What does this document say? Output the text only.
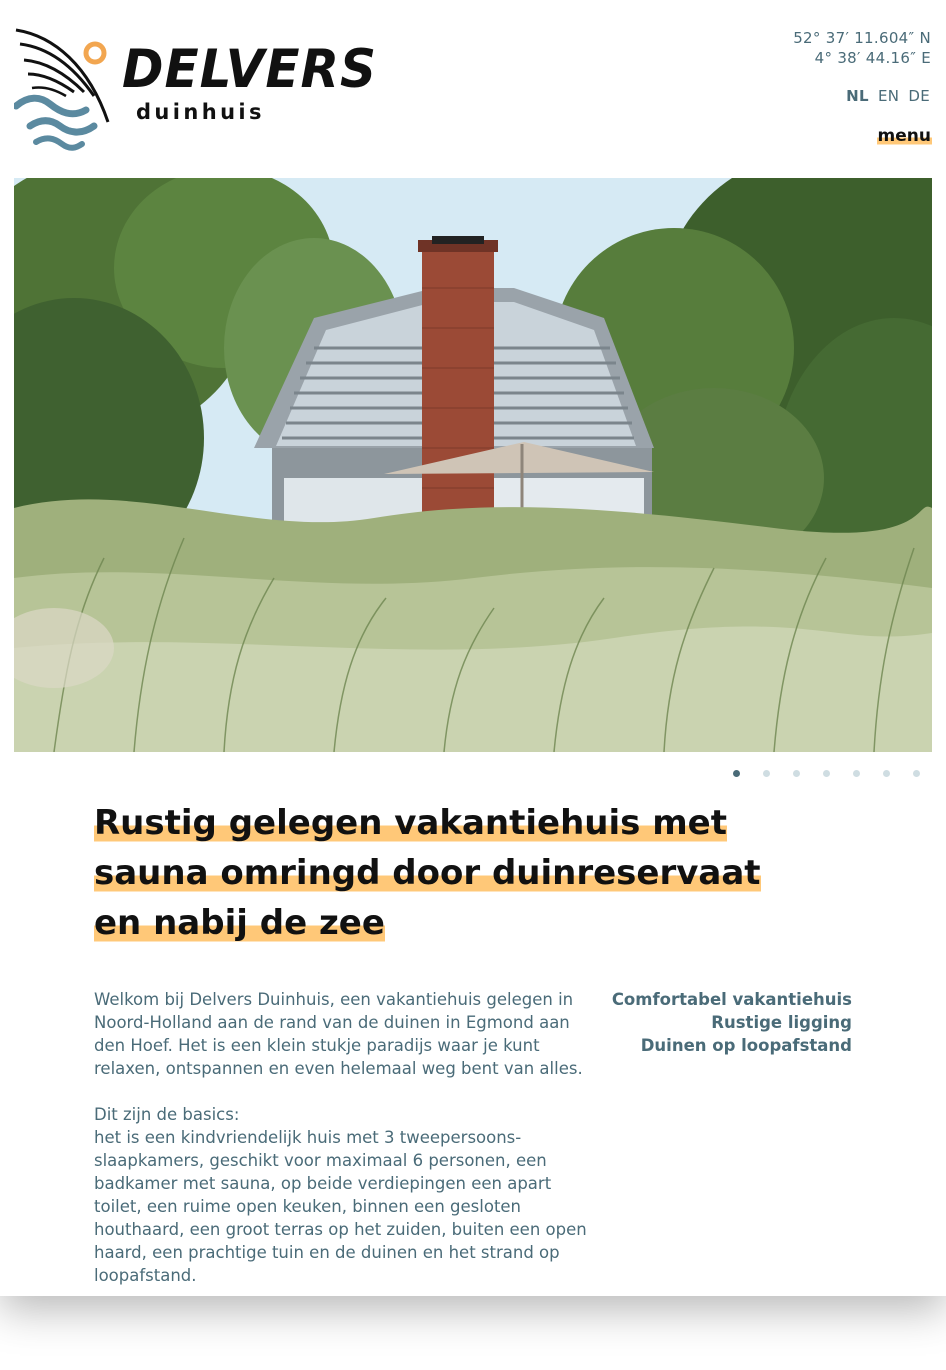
DELVERS
duinhuis
52° 37′ 11.604″ N
4° 38′ 44.16″ E
NL EN DE
menu
Rustig gelegen vakantiehuis met sauna omringd door duinreservaat en nabij de zee

Welkom bij Delvers Duinhuis, een vakantiehuis gelegen in Noord-Holland aan de rand van de duinen in Egmond aan den Hoef. Het is een klein stukje paradijs waar je kunt relaxen, ontspannen en even helemaal weg bent van alles.

Dit zijn de basics:
het is een kindvriendelijk huis met 3 tweepersoons-slaapkamers, geschikt voor maximaal 6 personen, een badkamer met sauna, op beide verdiepingen een apart toilet, een ruime open keuken, binnen een gesloten houthaard, een groot terras op het zuiden, buiten een open haard, een prachtige tuin en de duinen en het strand op loopafstand.

Comfortabel vakantiehuis
Rustige ligging
Duinen op loopafstand
